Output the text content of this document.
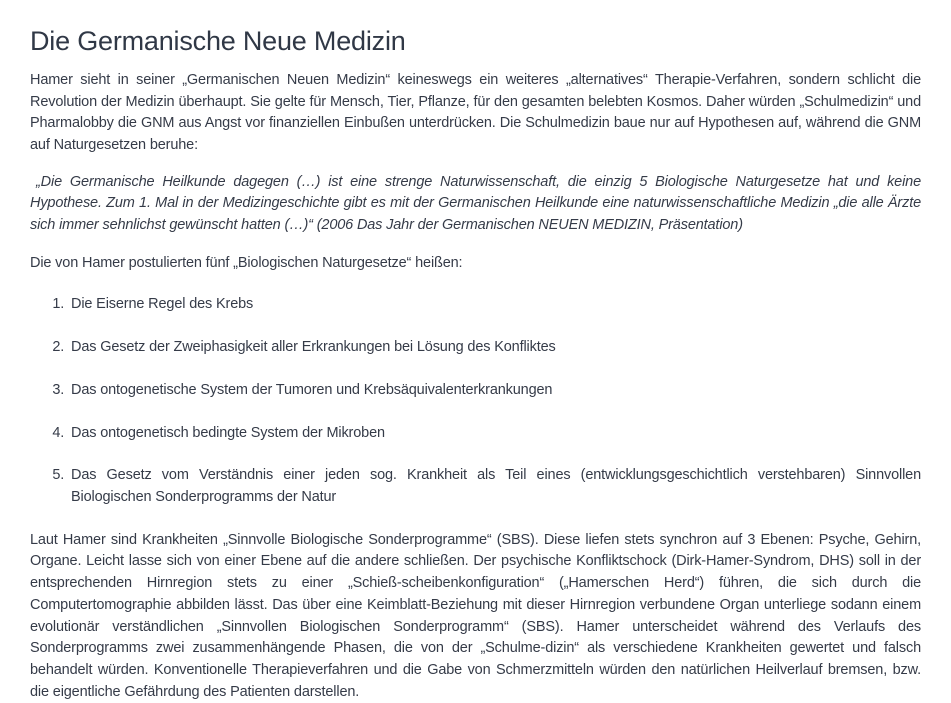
Die Germanische Neue Medizin

Hamer sieht in seiner „Germanischen Neuen Medizin“ keineswegs ein weiteres „alternatives“ Therapie-Verfahren, sondern schlicht die Revolution der Medizin überhaupt. Sie gelte für Mensch, Tier, Pflanze, für den gesamten belebten Kosmos. Daher würden „Schulmedizin“ und Pharmalobby die GNM aus Angst vor finanziellen Einbußen unterdrücken. Die Schulmedizin baue nur auf Hypothesen auf, während die GNM auf Naturgesetzen beruhe:

„Die Germanische Heilkunde dagegen (…) ist eine strenge Naturwissenschaft, die einzig 5 Biologische Naturgesetze hat und keine Hypothese. Zum 1. Mal in der Medizingeschichte gibt es mit der Germanischen Heilkunde eine naturwissenschaftliche Medizin „die alle Ärzte sich immer sehnlichst gewünscht hatten (…)“ (2006 Das Jahr der Germanischen NEUEN MEDIZIN, Präsentation)

Die von Hamer postulierten fünf „Biologischen Naturgesetze“ heißen:

1. Die Eiserne Regel des Krebs
2. Das Gesetz der Zweiphasigkeit aller Erkrankungen bei Lösung des Konfliktes
3. Das ontogenetische System der Tumoren und Krebsäquivalenterkrankungen
4. Das ontogenetisch bedingte System der Mikroben
5. Das Gesetz vom Verständnis einer jeden sog. Krankheit als Teil eines (entwicklungsgeschichtlich verstehbaren) Sinnvollen Biologischen Sonderprogramms der Natur

Laut Hamer sind Krankheiten „Sinnvolle Biologische Sonderprogramme“ (SBS). Diese liefen stets synchron auf 3 Ebenen: Psyche, Gehirn, Organe. Leicht lasse sich von einer Ebene auf die andere schließen. Der psychische Konfliktschock (Dirk-Hamer-Syndrom, DHS) soll in der entsprechenden Hirnregion stets zu einer „Schieß-scheibenkonfiguration“ („Hamerschen Herd“) führen, die sich durch die Computertomographie abbilden lässt. Das über eine Keimblatt-Beziehung mit dieser Hirnregion verbundene Organ unterliege sodann einem evolutionär verständlichen „Sinnvollen Biologischen Sonderprogramm“ (SBS). Hamer unterscheidet während des Verlaufs des Sonderprogramms zwei zusammenhängende Phasen, die von der „Schulme-dizin“ als verschiedene Krankheiten gewertet und falsch behandelt würden. Konventionelle Therapieverfahren und die Gabe von Schmerzmitteln würden den natürlichen Heilverlauf bremsen, bzw. die eigentliche Gefährdung des Patienten darstellen.
